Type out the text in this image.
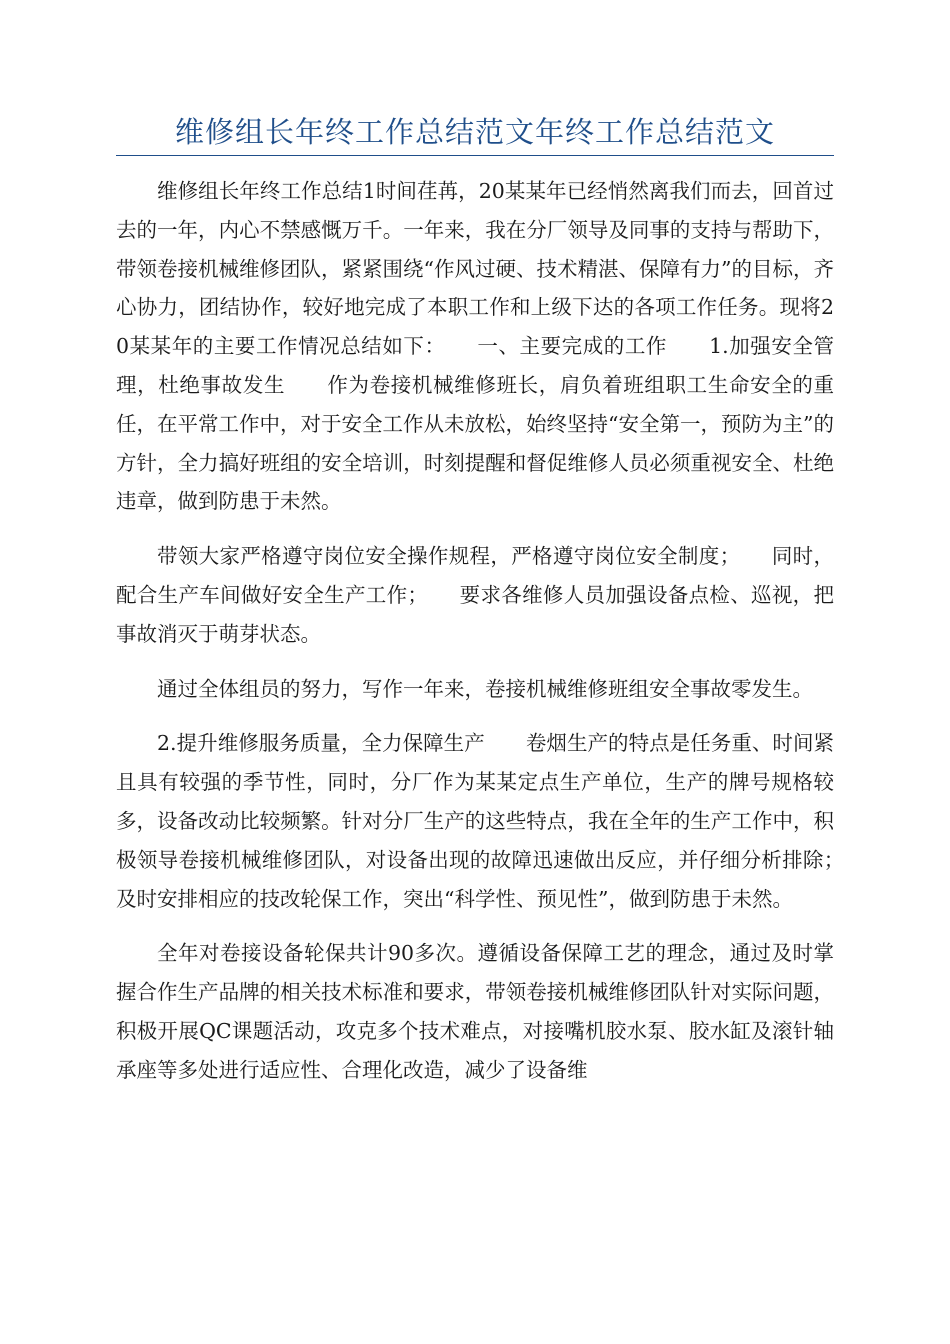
维修组长年终工作总结范文年终工作总结范文

维修组长年终工作总结1时间荏苒，20某某年已经悄然离我们而去，回首过去的一年，内心不禁感慨万千。一年来，我在分厂领导及同事的支持与帮助下，带领卷接机械维修团队，紧紧围绕“作风过硬、技术精湛、保障有力”的目标，齐心协力，团结协作，较好地完成了本职工作和上级下达的各项工作任务。现将20某某年的主要工作情况总结如下：　　一、主要完成的工作　　1.加强安全管理，杜绝事故发生　　作为卷接机械维修班长，肩负着班组职工生命安全的重任，在平常工作中，对于安全工作从未放松，始终坚持“安全第一，预防为主”的方针，全力搞好班组的安全培训，时刻提醒和督促维修人员必须重视安全、杜绝违章，做到防患于未然。

带领大家严格遵守岗位安全操作规程，严格遵守岗位安全制度；　　同时，配合生产车间做好安全生产工作；　　要求各维修人员加强设备点检、巡视，把事故消灭于萌芽状态。

通过全体组员的努力，写作一年来，卷接机械维修班组安全事故零发生。

2.提升维修服务质量，全力保障生产　　卷烟生产的特点是任务重、时间紧且具有较强的季节性，同时，分厂作为某某定点生产单位，生产的牌号规格较多，设备改动比较频繁。针对分厂生产的这些特点，我在全年的生产工作中，积极领导卷接机械维修团队，对设备出现的故障迅速做出反应，并仔细分析排除；　　及时安排相应的技改轮保工作，突出“科学性、预见性”，做到防患于未然。

全年对卷接设备轮保共计90多次。遵循设备保障工艺的理念，通过及时掌握合作生产品牌的相关技术标准和要求，带领卷接机械维修团队针对实际问题，积极开展QC课题活动，攻克多个技术难点，对接嘴机胶水泵、胶水缸及滚针轴承座等多处进行适应性、合理化改造，减少了设备维
